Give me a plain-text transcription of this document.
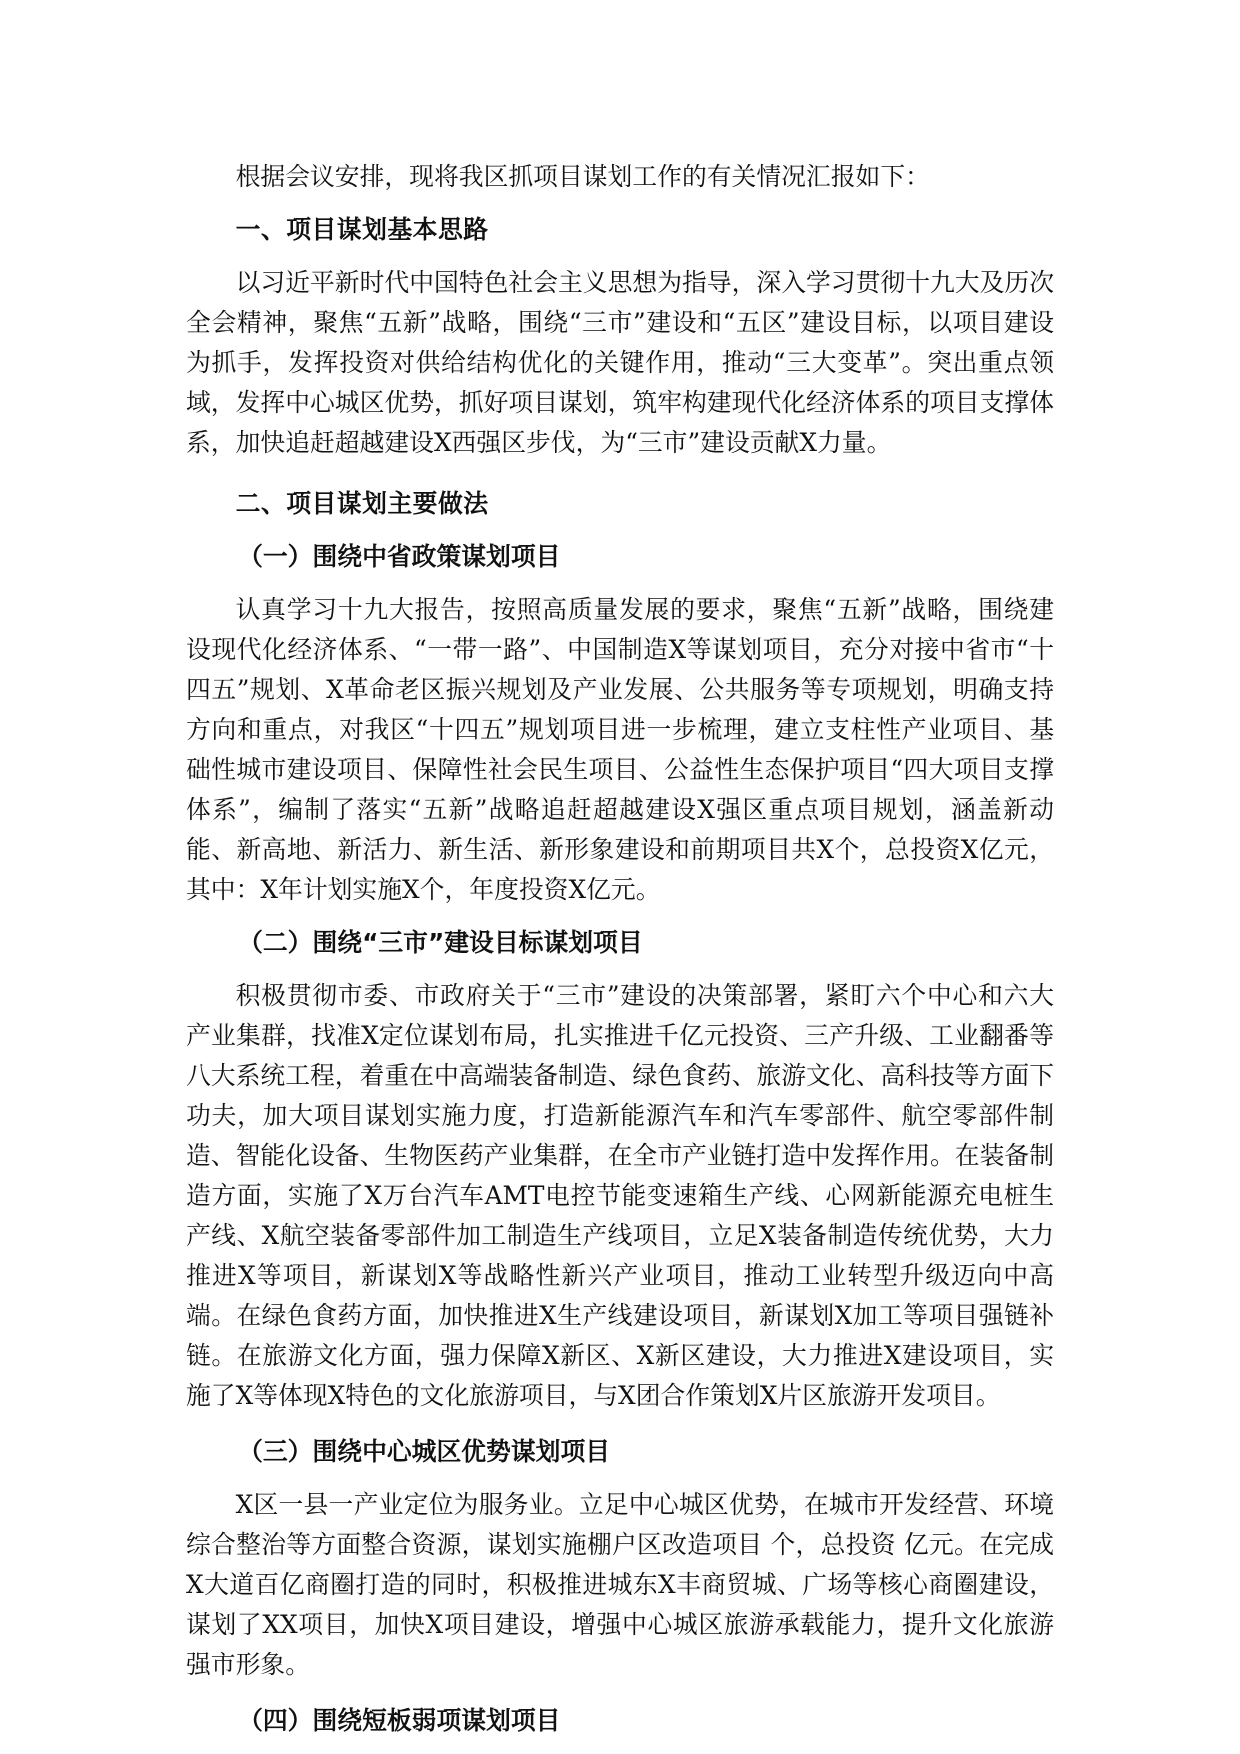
根据会议安排，现将我区抓项目谋划工作的有关情况汇报如下：

一、项目谋划基本思路

以习近平新时代中国特色社会主义思想为指导，深入学习贯彻十九大及历次全会精神，聚焦“五新”战略，围绕“三市”建设和“五区”建设目标，以项目建设为抓手，发挥投资对供给结构优化的关键作用，推动“三大变革”。突出重点领域，发挥中心城区优势，抓好项目谋划，筑牢构建现代化经济体系的项目支撑体系，加快追赶超越建设X西强区步伐，为“三市”建设贡献X力量。

二、项目谋划主要做法

（一）围绕中省政策谋划项目

认真学习十九大报告，按照高质量发展的要求，聚焦“五新”战略，围绕建设现代化经济体系、“一带一路”、中国制造X等谋划项目，充分对接中省市“十四五”规划、X革命老区振兴规划及产业发展、公共服务等专项规划，明确支持方向和重点，对我区“十四五”规划项目进一步梳理，建立支柱性产业项目、基础性城市建设项目、保障性社会民生项目、公益性生态保护项目“四大项目支撑体系”，编制了落实“五新”战略追赶超越建设X强区重点项目规划，涵盖新动能、新高地、新活力、新生活、新形象建设和前期项目共X个，总投资X亿元，其中：X年计划实施X个，年度投资X亿元。

（二）围绕“三市”建设目标谋划项目

积极贯彻市委、市政府关于“三市”建设的决策部署，紧盯六个中心和六大产业集群，找准X定位谋划布局，扎实推进千亿元投资、三产升级、工业翻番等八大系统工程，着重在中高端装备制造、绿色食药、旅游文化、高科技等方面下功夫，加大项目谋划实施力度，打造新能源汽车和汽车零部件、航空零部件制造、智能化设备、生物医药产业集群，在全市产业链打造中发挥作用。在装备制造方面，实施了X万台汽车AMT电控节能变速箱生产线、心网新能源充电桩生产线、X航空装备零部件加工制造生产线项目，立足X装备制造传统优势，大力推进X等项目，新谋划X等战略性新兴产业项目，推动工业转型升级迈向中高端。在绿色食药方面，加快推进X生产线建设项目，新谋划X加工等项目强链补链。在旅游文化方面，强力保障X新区、X新区建设，大力推进X建设项目，实施了X等体现X特色的文化旅游项目，与X团合作策划X片区旅游开发项目。

（三）围绕中心城区优势谋划项目

X区一县一产业定位为服务业。立足中心城区优势，在城市开发经营、环境综合整治等方面整合资源，谋划实施棚户区改造项目 个，总投资 亿元。在完成X大道百亿商圈打造的同时，积极推进城东X丰商贸城、广场等核心商圈建设，谋划了XX项目，加快X项目建设，增强中心城区旅游承载能力，提升文化旅游强市形象。

（四）围绕短板弱项谋划项目
